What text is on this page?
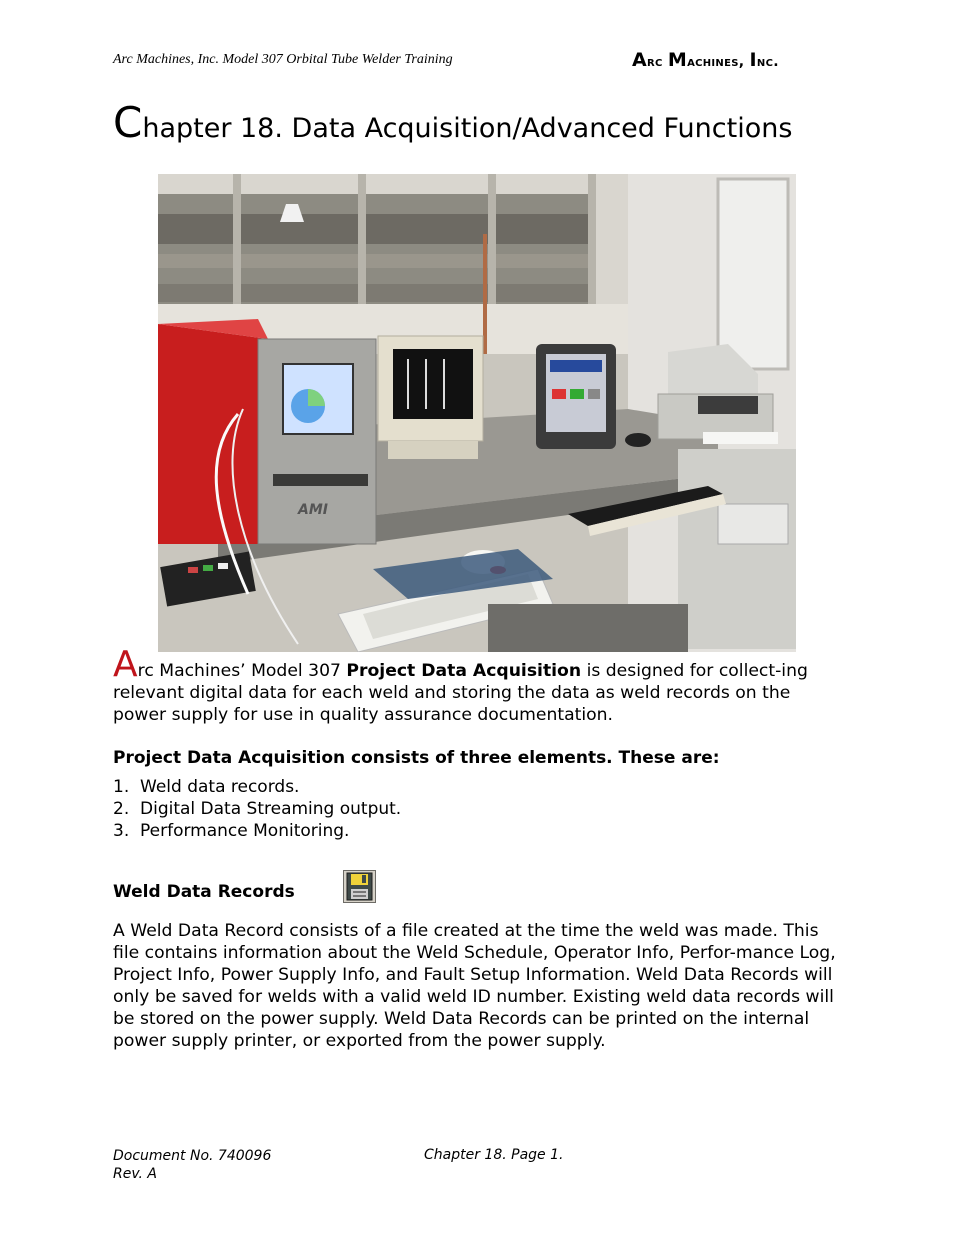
Arc Machines, Inc. Model 307 Orbital Tube Welder Training	Arc Machines, Inc.
Chapter 18. Data Acquisition/Advanced Functions
AMI
Arc Machines’ Model 307 Project Data Acquisition is designed for collect-ing relevant digital data for each weld and storing the data as weld records on the power supply for use in quality assurance documentation.
Project Data Acquisition consists of three elements. These are:
1. Weld data records.
2. Digital Data Streaming output.
3. Performance Monitoring.
Weld Data Records
A Weld Data Record consists of a file created at the time the weld was made. This file contains information about the Weld Schedule, Operator Info, Perfor-mance Log, Project Info, Power Supply Info, and Fault Setup Information. Weld Data Records will only be saved for welds with a valid weld ID number. Existing weld data records will be stored on the power supply. Weld Data Records can be printed on the internal power supply printer, or exported from the power supply.
Document No. 740096
Rev. A
Chapter 18. Page 1.
